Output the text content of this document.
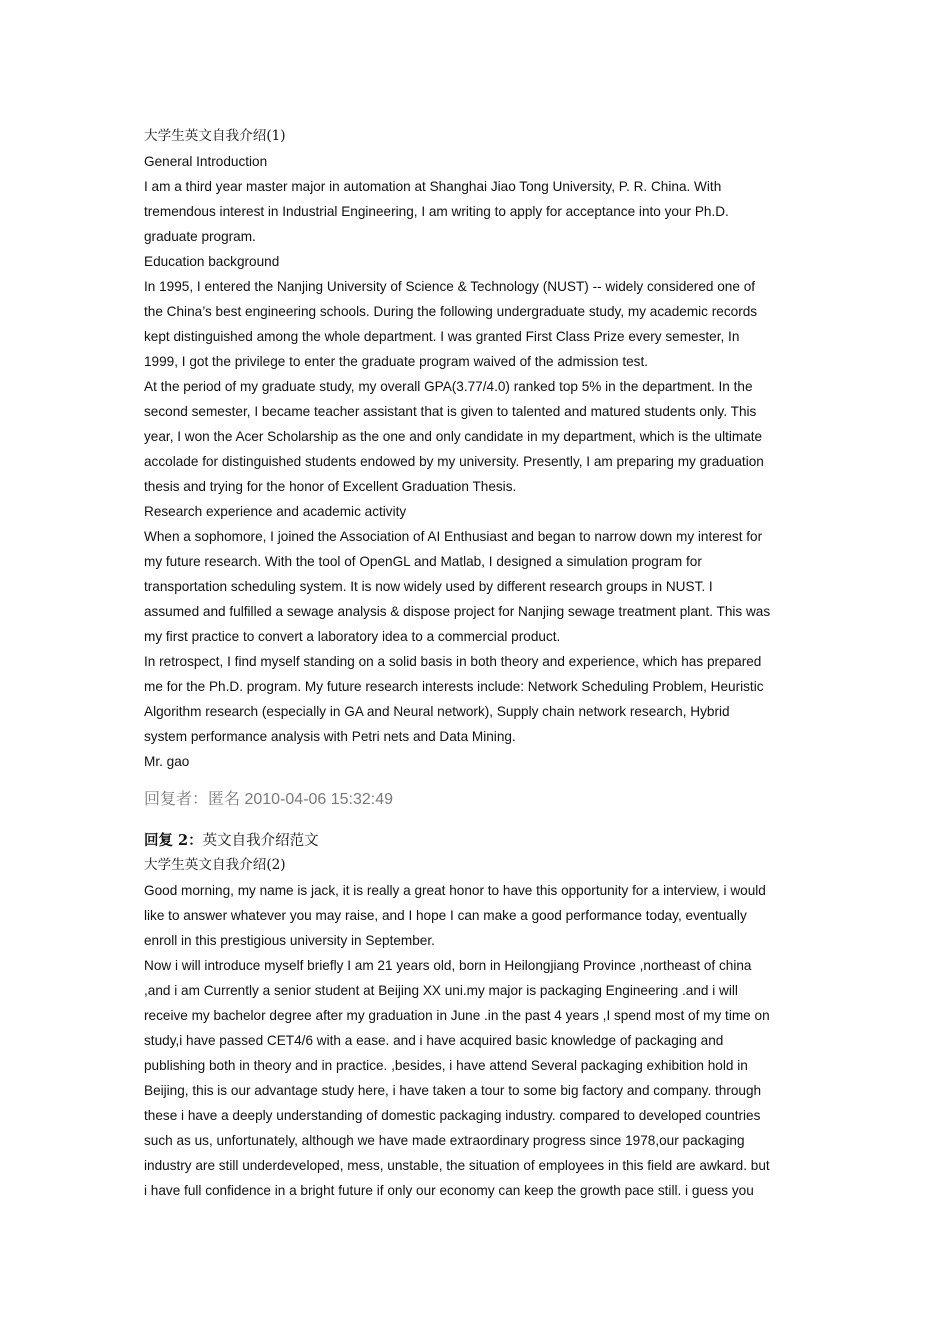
大学生英文自我介绍(1)
General Introduction
I am a third year master major in automation at Shanghai Jiao Tong University, P. R. China. With
tremendous interest in Industrial Engineering, I am writing to apply for acceptance into your Ph.D.
graduate program.
Education background
In 1995, I entered the Nanjing University of Science & Technology (NUST) -- widely considered one of
the China’s best engineering schools. During the following undergraduate study, my academic records
kept distinguished among the whole department. I was granted First Class Prize every semester, In
1999, I got the privilege to enter the graduate program waived of the admission test.
At the period of my graduate study, my overall GPA(3.77/4.0) ranked top 5% in the department. In the
second semester, I became teacher assistant that is given to talented and matured students only. This
year, I won the Acer Scholarship as the one and only candidate in my department, which is the ultimate
accolade for distinguished students endowed by my university. Presently, I am preparing my graduation
thesis and trying for the honor of Excellent Graduation Thesis.
Research experience and academic activity
When a sophomore, I joined the Association of AI Enthusiast and began to narrow down my interest for
my future research. With the tool of OpenGL and Matlab, I designed a simulation program for
transportation scheduling system. It is now widely used by different research groups in NUST. I
assumed and fulfilled a sewage analysis & dispose project for Nanjing sewage treatment plant. This was
my first practice to convert a laboratory idea to a commercial product.
In retrospect, I find myself standing on a solid basis in both theory and experience, which has prepared
me for the Ph.D. program. My future research interests include: Network Scheduling Problem, Heuristic
Algorithm research (especially in GA and Neural network), Supply chain network research, Hybrid
system performance analysis with Petri nets and Data Mining.
Mr. gao
回复者：匿名 2010-04-06 15:32:49
回复 2：英文自我介绍范文
大学生英文自我介绍(2)
Good morning, my name is jack, it is really a great honor to have this opportunity for a interview, i would
like to answer whatever you may raise, and I hope I can make a good performance today, eventually
enroll in this prestigious university in September.
Now i will introduce myself briefly I am 21 years old, born in Heilongjiang Province ,northeast of china
,and i am Currently a senior student at Beijing XX uni.my major is packaging Engineering .and i will
receive my bachelor degree after my graduation in June .in the past 4 years ,I spend most of my time on
study,i have passed CET4/6 with a ease. and i have acquired basic knowledge of packaging and
publishing both in theory and in practice. ,besides, i have attend Several packaging exhibition hold in
Beijing, this is our advantage study here, i have taken a tour to some big factory and company. through
these i have a deeply understanding of domestic packaging industry. compared to developed countries
such as us, unfortunately, although we have made extraordinary progress since 1978,our packaging
industry are still underdeveloped, mess, unstable, the situation of employees in this field are awkard. but
i have full confidence in a bright future if only our economy can keep the growth pace still. i guess you
